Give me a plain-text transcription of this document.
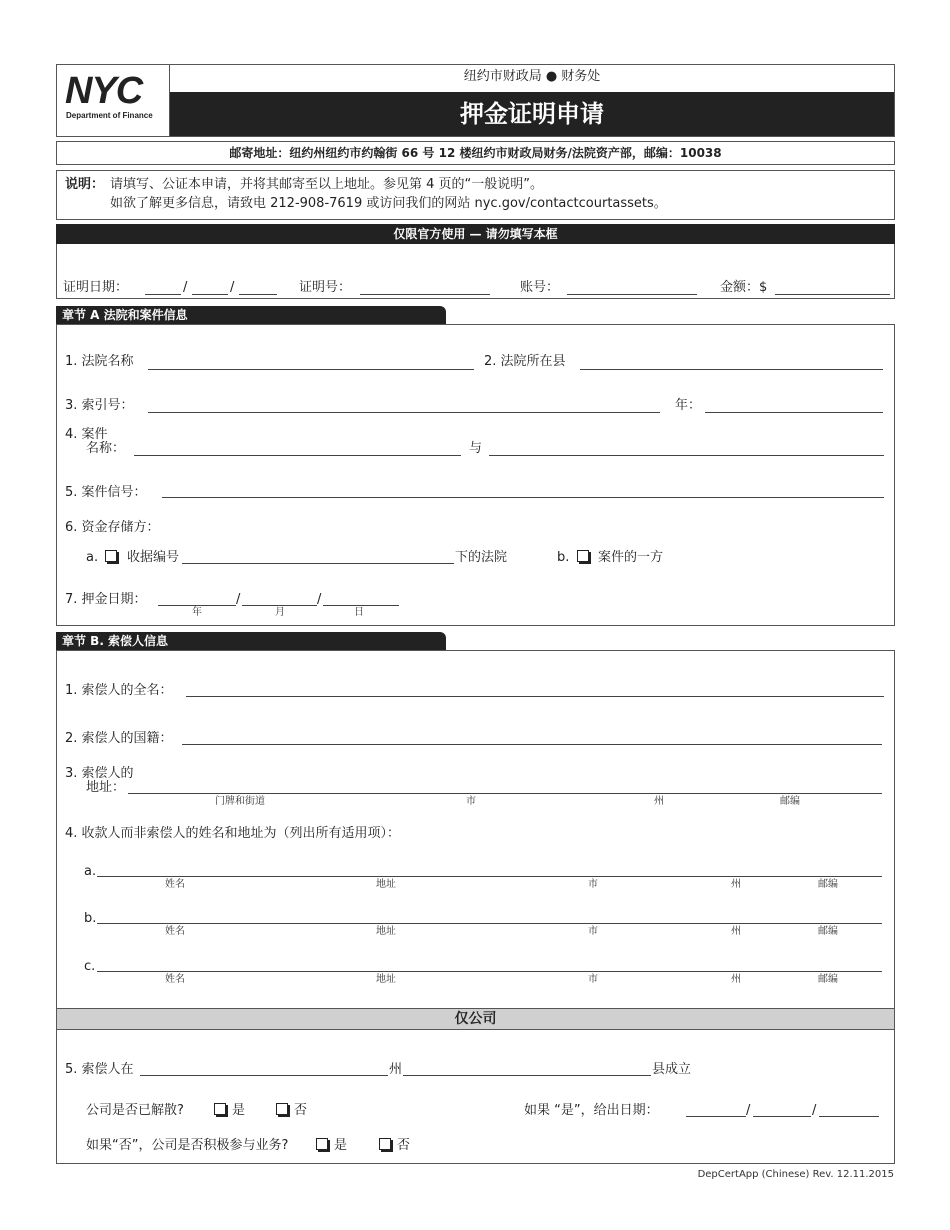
NYC
Department of Finance
纽约市财政局 ● 财务处
押金证明申请
邮寄地址：纽约州纽约市约翰街 66 号 12 楼纽约市财政局财务/法院资产部，邮编：10038
说明： 请填写、公证本申请，并将其邮寄至以上地址。参见第 4 页的“一般说明”。
如欲了解更多信息，请致电 212-908-7619 或访问我们的网站 nyc.gov/contactcourtassets。
仅限官方使用 — 请勿填写本框
证明日期：	/	/	证明号：	账号：	金额：$
章节 A 法院和案件信息
1. 法院名称	2. 法院所在县
3. 索引号：	年：
4. 案件
名称：	与
5. 案件信号：
6. 资金存储方：
a. 收据编号	下的法院	b. 案件的一方
7. 押金日期：	/	/
年	月	日
章节 B. 索偿人信息
1. 索偿人的全名：
2. 索偿人的国籍：
3. 索偿人的
地址：
门牌和街道	市	州	邮编
4. 收款人而非索偿人的姓名和地址为（列出所有适用项）：
a.
姓名	地址	市	州	邮编
b.
姓名	地址	市	州	邮编
c.
姓名	地址	市	州	邮编
仅公司
5. 索偿人在	州	县成立
公司是否已解散?	是	否	如果 “是”，给出日期：	/	/
如果“否”，公司是否积极参与业务?	是	否
DepCertApp (Chinese) Rev. 12.11.2015
